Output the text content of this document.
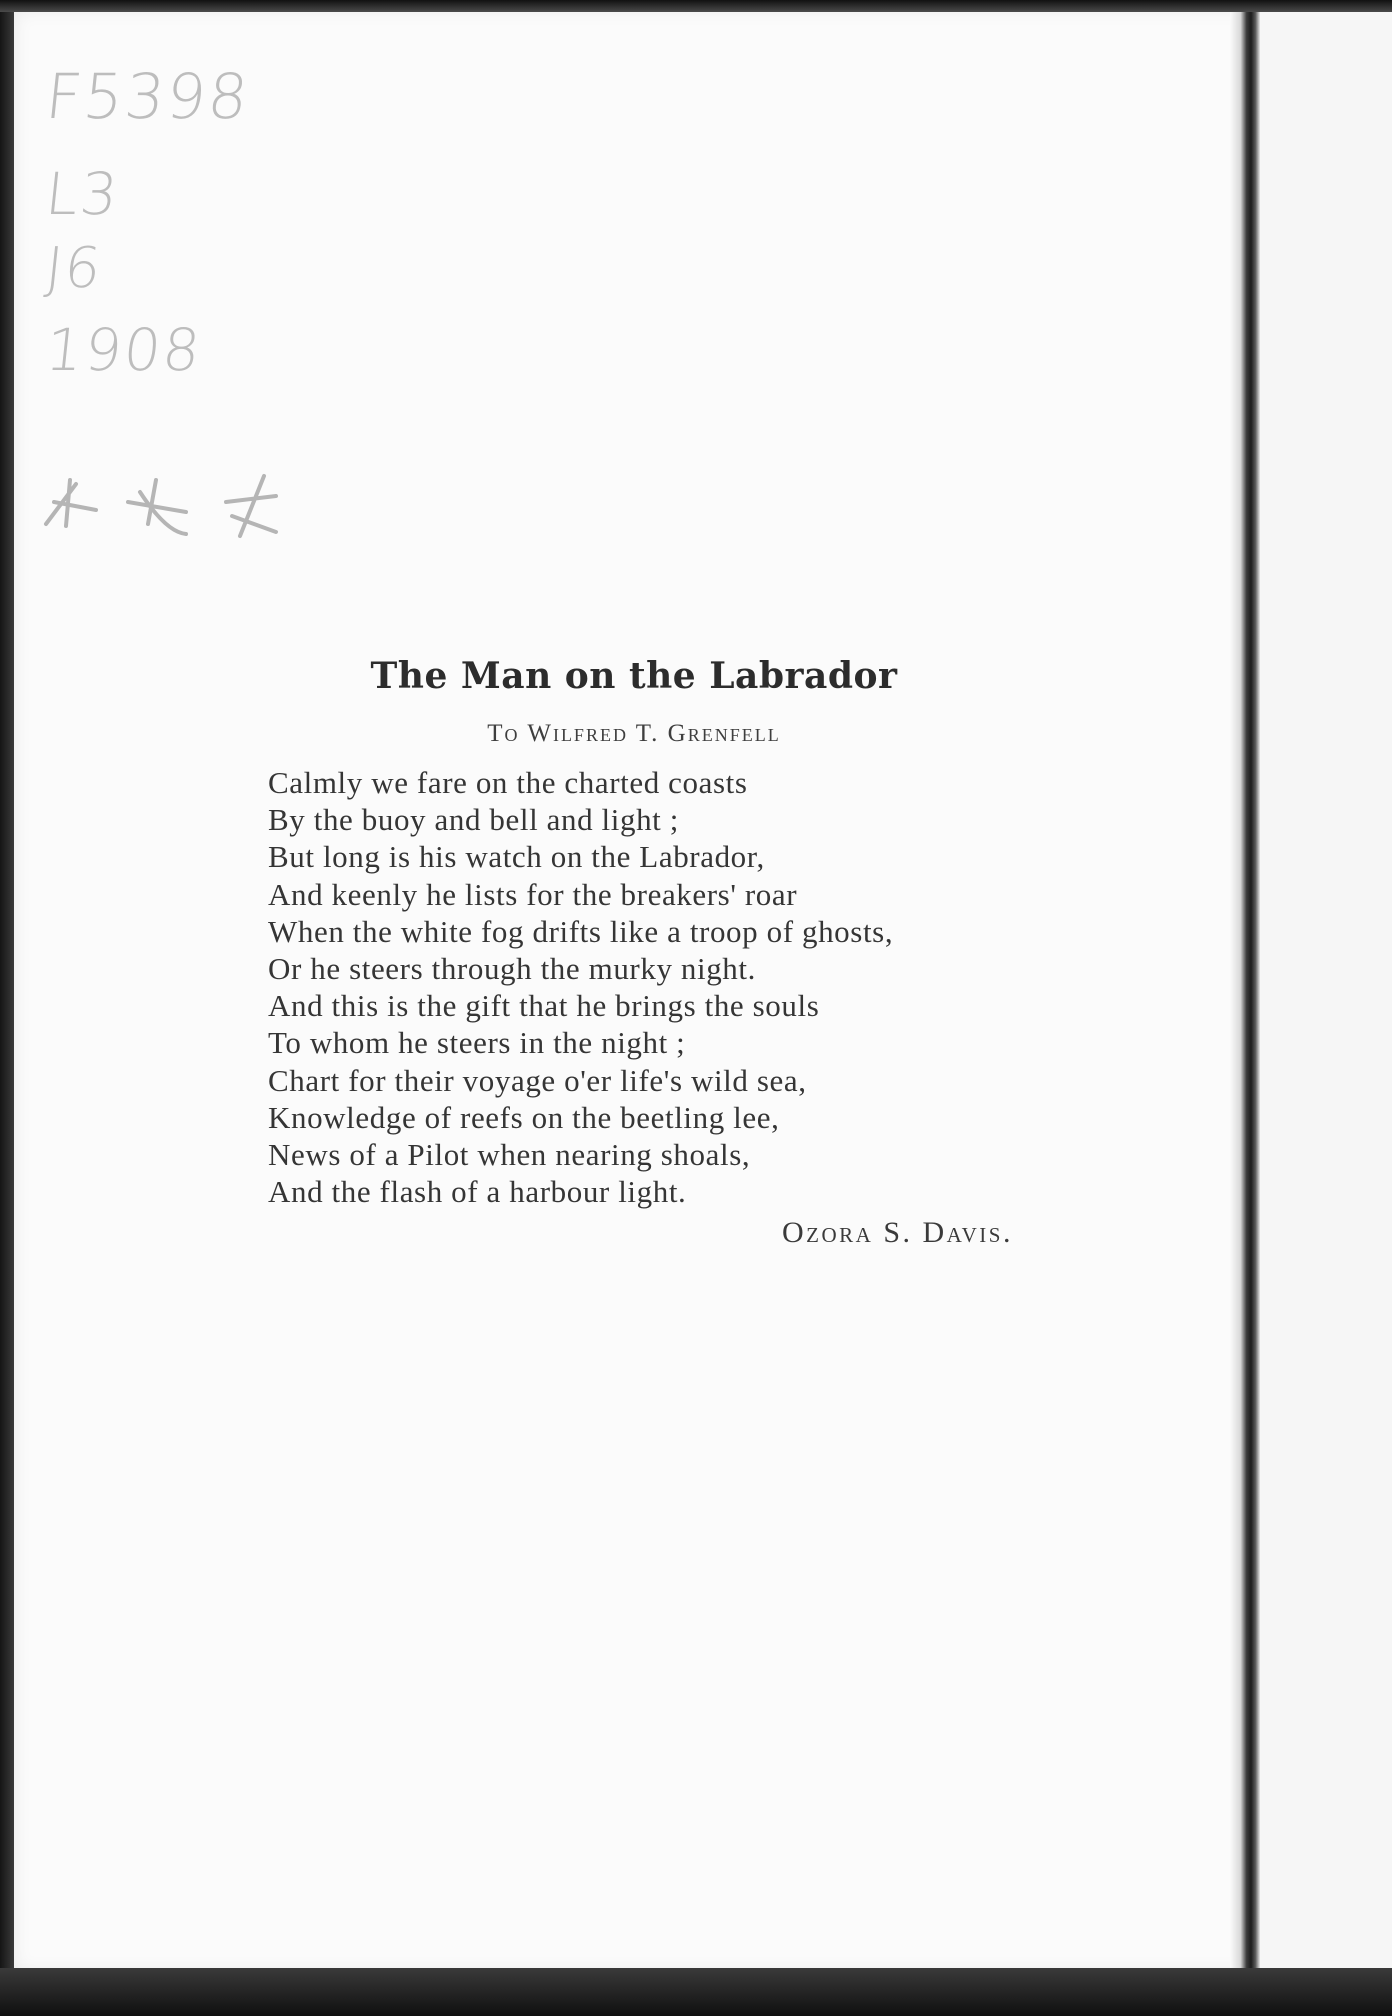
F5398
L3
J6
1908
The Man on the Labrador
To Wilfred T. Grenfell
Calmly we fare on the charted coasts
By the buoy and bell and light ;
But long is his watch on the Labrador,
And keenly he lists for the breakers' roar
When the white fog drifts like a troop of ghosts,
Or he steers through the murky night.
And this is the gift that he brings the souls
To whom he steers in the night ;
Chart for their voyage o'er life's wild sea,
Knowledge of reefs on the beetling lee,
News of a Pilot when nearing shoals,
And the flash of a harbour light.
Ozora S. Davis.
